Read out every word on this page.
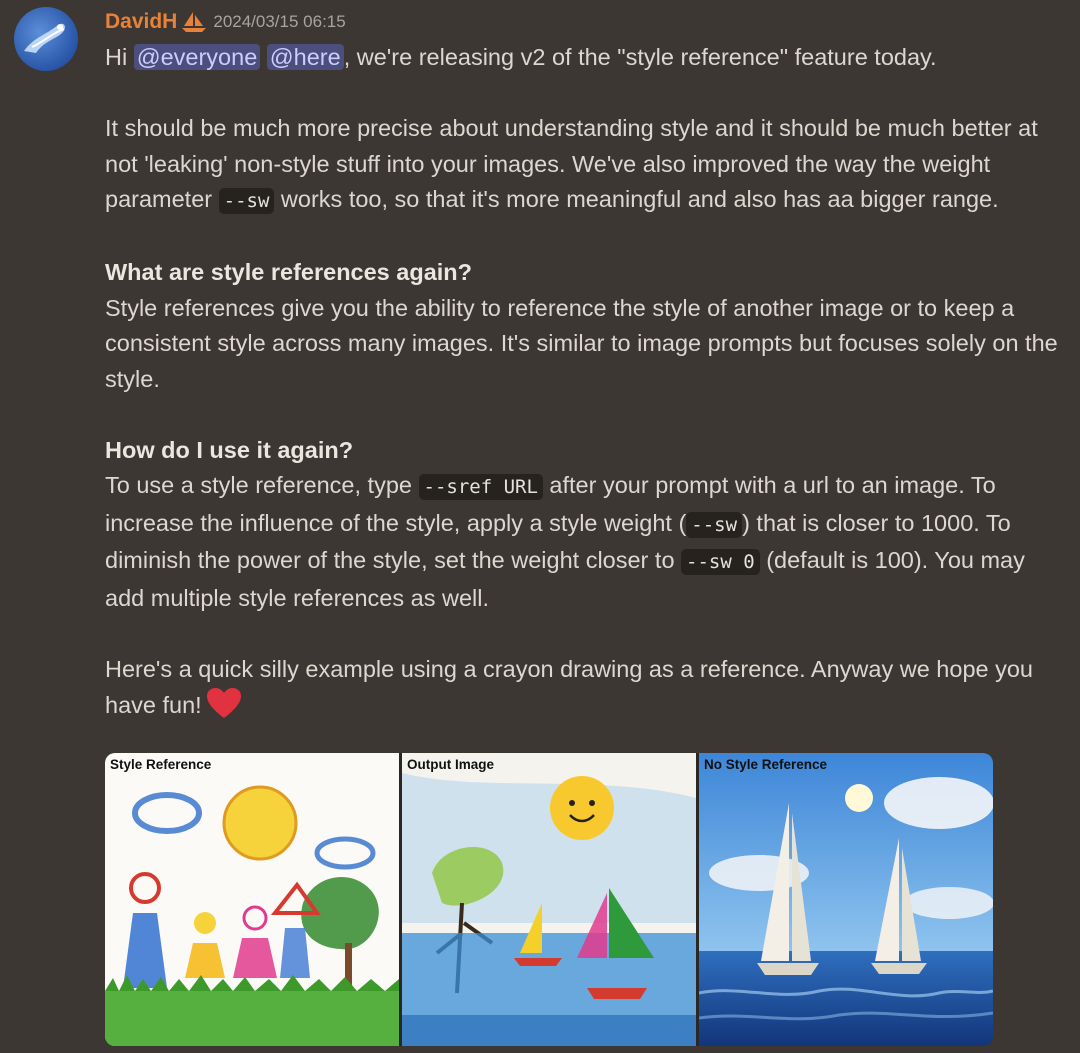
DavidH 2024/03/15 06:15

Hi @everyone @here , we're releasing v2 of the "style reference" feature today.

It should be much more precise about understanding style and it should be much better at not 'leaking' non-style stuff into your images. We've also improved the way the weight parameter --sw works too, so that it's more meaningful and also has aa bigger range.

What are style references again?

Style references give you the ability to reference the style of another image or to keep a consistent style across many images. It's similar to image prompts but focuses solely on the style.

How do I use it again?

To use a style reference, type --sref URL after your prompt with a url to an image. To increase the influence of the style, apply a style weight ( --sw ) that is closer to 1000. To diminish the power of the style, set the weight closer to --sw 0 (default is 100). You may add multiple style references as well.

Here's a quick silly example using a crayon drawing as a reference. Anyway we hope you have fun!

Style Reference	Output Image	No Style Reference
